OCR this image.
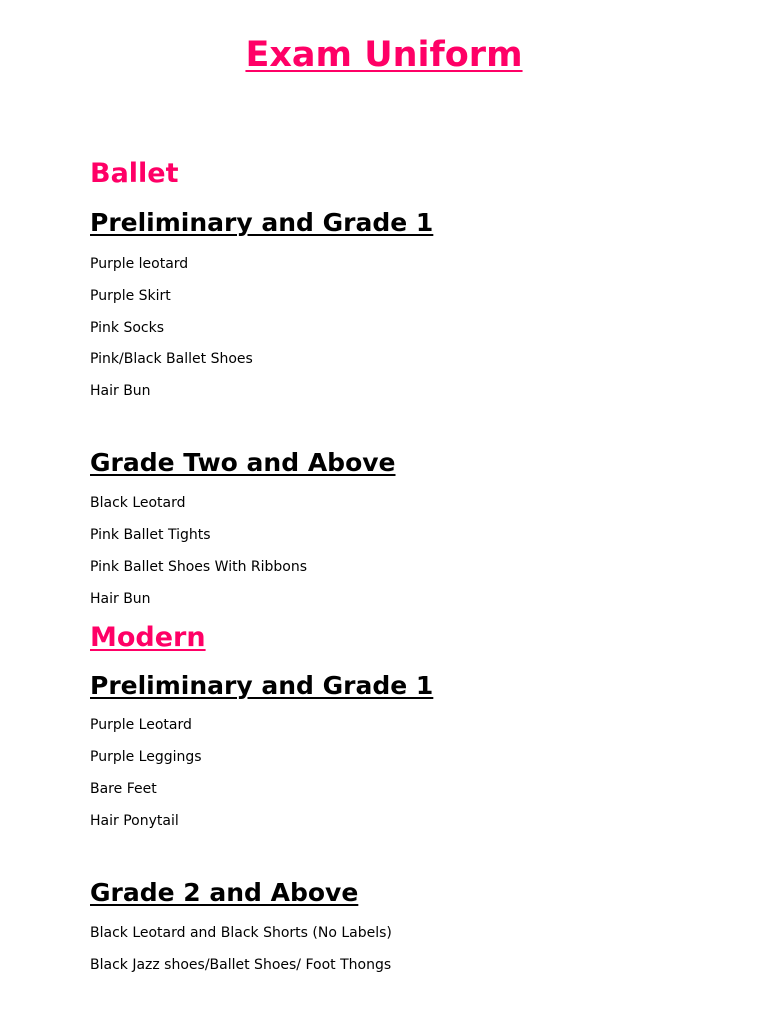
Exam Uniform
Ballet
Preliminary and Grade 1

Purple leotard

Purple Skirt

Pink Socks

Pink/Black Ballet Shoes

Hair Bun

Grade Two and Above

Black Leotard

Pink Ballet Tights

Pink Ballet Shoes With Ribbons

Hair Bun

Modern
Preliminary and Grade 1

Purple Leotard

Purple Leggings

Bare Feet

Hair Ponytail

Grade 2 and Above

Black Leotard and Black Shorts (No Labels)

Black Jazz shoes/Ballet Shoes/ Foot Thongs
